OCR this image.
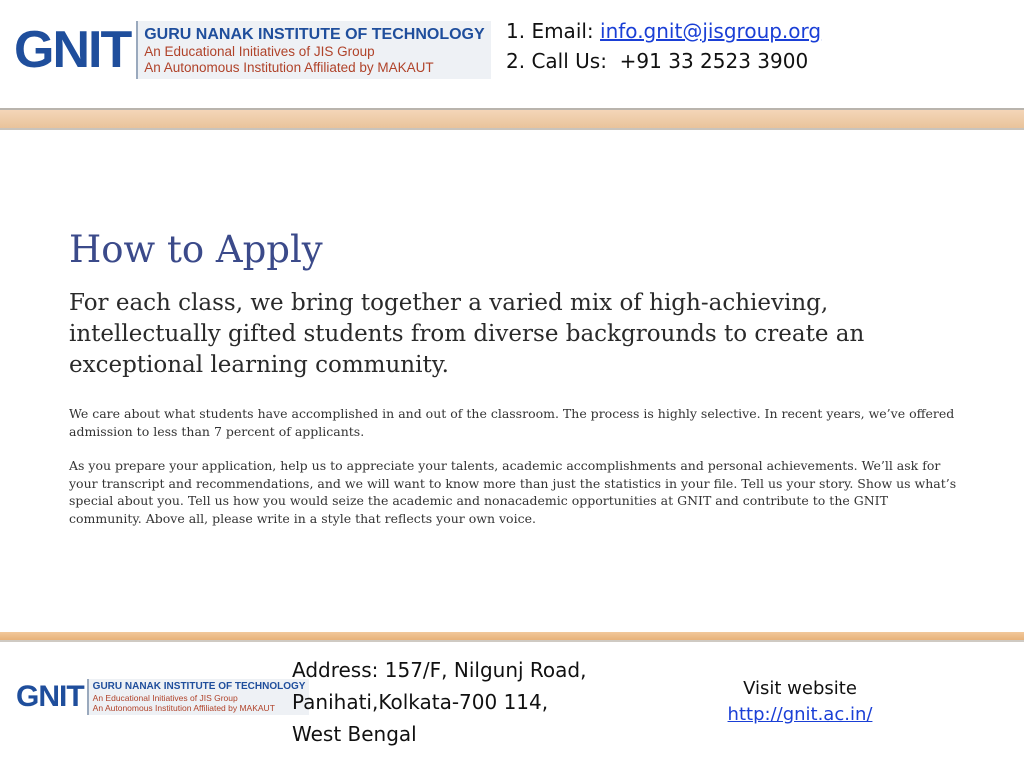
GNIT GURU NANAK INSTITUTE OF TECHNOLOGY
An Educational Initiatives of JIS Group
An Autonomous Institution Affiliated by MAKAUT
1. Email: info.gnit@jisgroup.org
2. Call Us: +91 33 2523 3900
How to Apply

For each class, we bring together a varied mix of high-achieving, intellectually gifted students from diverse backgrounds to create an exceptional learning community.

We care about what students have accomplished in and out of the classroom. The process is highly selective. In recent years, we’ve offered admission to less than 7 percent of applicants.

As you prepare your application, help us to appreciate your talents, academic accomplishments and personal achievements. We’ll ask for your transcript and recommendations, and we will want to know more than just the statistics in your file. Tell us your story. Show us what’s special about you. Tell us how you would seize the academic and nonacademic opportunities at GNIT and contribute to the GNIT community. Above all, please write in a style that reflects your own voice.

GNIT GURU NANAK INSTITUTE OF TECHNOLOGY
An Educational Initiatives of JIS Group
An Autonomous Institution Affiliated by MAKAUT
Address: 157/F, Nilgunj Road,
Panihati,Kolkata-700 114,
West Bengal
Visit website
http://gnit.ac.in/
